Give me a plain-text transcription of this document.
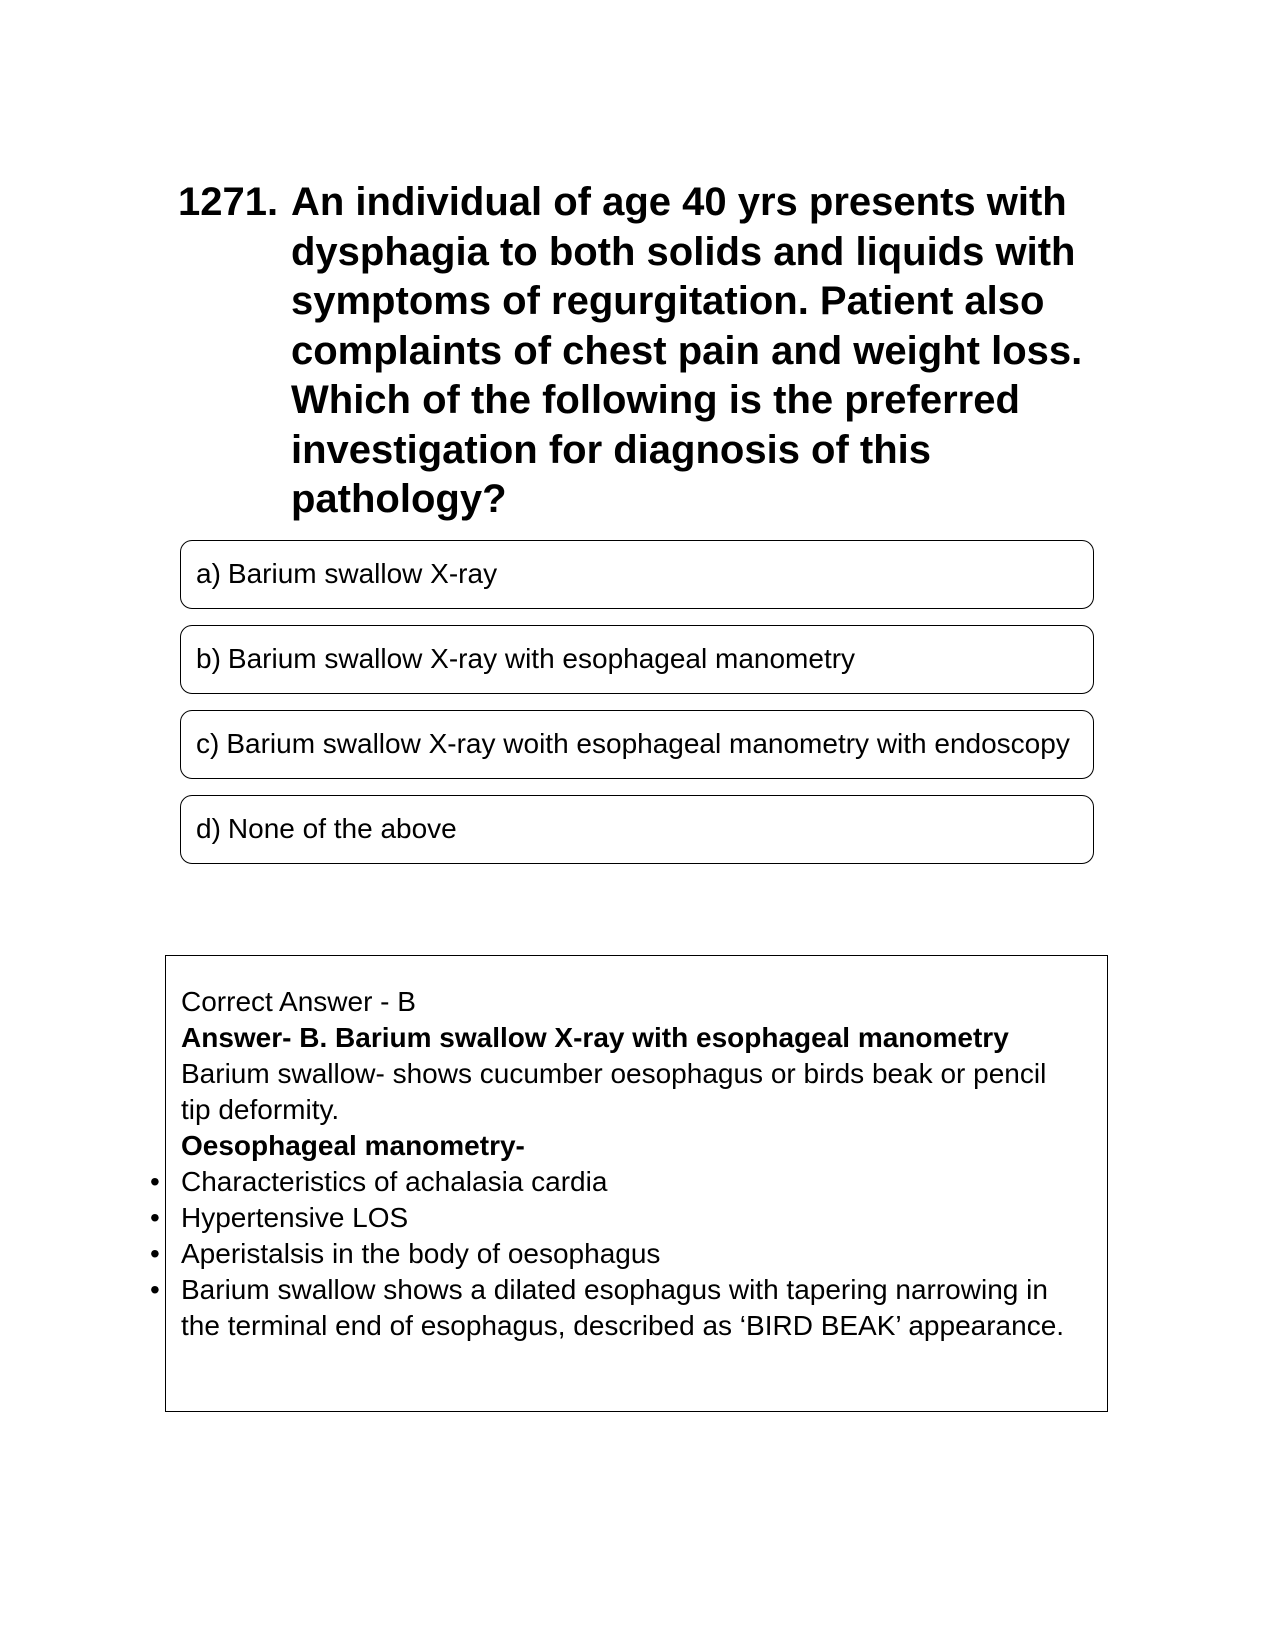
1271. An individual of age 40 yrs presents with dysphagia to both solids and liquids with symptoms of regurgitation. Patient also complaints of chest pain and weight loss. Which of the following is the preferred investigation for diagnosis of this pathology?
a) Barium swallow X-ray
b) Barium swallow X-ray with esophageal manometry
c) Barium swallow X-ray woith esophageal manometry with endoscopy
d) None of the above
Correct Answer - B
Answer- B. Barium swallow X-ray with esophageal manometry
Barium swallow- shows cucumber oesophagus or birds beak or pencil tip deformity.
Oesophageal manometry-
• Characteristics of achalasia cardia
• Hypertensive LOS
• Aperistalsis in the body of oesophagus
• Barium swallow shows a dilated esophagus with tapering narrowing in the terminal end of esophagus, described as ‘BIRD BEAK’ appearance.
